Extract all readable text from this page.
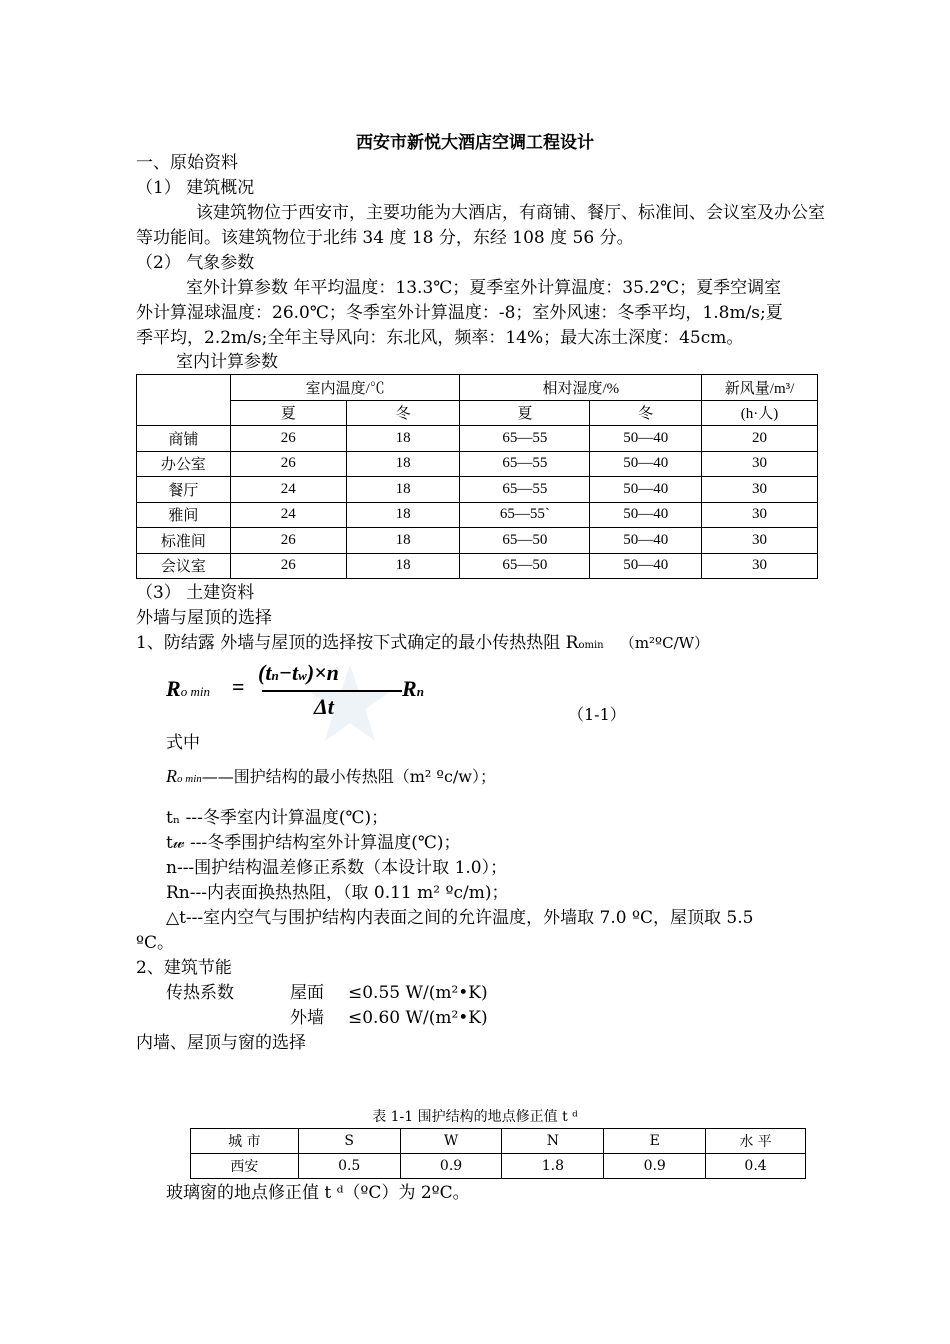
西安市新悦大酒店空调工程设计
一、原始资料
（1） 建筑概况
该建筑物位于西安市，主要功能为大酒店，有商铺、餐厅、标准间、会议室及办公室
等功能间。该建筑物位于北纬 34 度 18 分，东经 108 度 56 分。
（2） 气象参数
室外计算参数 年平均温度：13.3℃；夏季室外计算温度：35.2℃；夏季空调室
外计算湿球温度：26.0℃；冬季室外计算温度：-8；室外风速：冬季平均，1.8m/s;夏
季平均，2.2m/s;全年主导风向：东北风，频率：14%；最大冻土深度：45cm。
室内计算参数
	室内温度/℃		相对湿度/%		新风量/m³/
	夏	冬	夏	冬	(h·人)
商铺	26	18	65—55	50—40	20
办公室	26	18	65—55	50—40	30
餐厅	24	18	65—55	50—40	30
雅间	24	18	65—55`	50—40	30
标准间	26	18	65—50	50—40	30
会议室	26	18	65—50	50—40	30
（3） 土建资料
外墙与屋顶的选择
1、防结露 外墙与屋顶的选择按下式确定的最小传热热阻 Romin （m²ºC/W）
Ro min =
(tn−tw)×n
Δt
Rn
（1-1）
式中
Ro min——围护结构的最小传热阻（m² ºc/w）；
tₙ ---冬季室内计算温度(℃)；
t𝓌 ---冬季围护结构室外计算温度(℃)；
n---围护结构温差修正系数（本设计取 1.0）；
Rn---内表面换热热阻，（取 0.11 m² ºc/m)；
△t---室内空气与围护结构内表面之间的允许温度，外墙取 7.0 ºC，屋顶取 5.5
ºC。
2、建筑节能
传热系数	屋面 ≤0.55 W/(m²•K)
外墙 ≤0.60 W/(m²•K)
内墙、屋顶与窗的选择
表 1-1 围护结构的地点修正值 t ᵈ
城 市	S	W	N	E	水 平
西安	0.5	0.9	1.8	0.9	0.4
玻璃窗的地点修正值 t ᵈ（ºC）为 2ºC。
